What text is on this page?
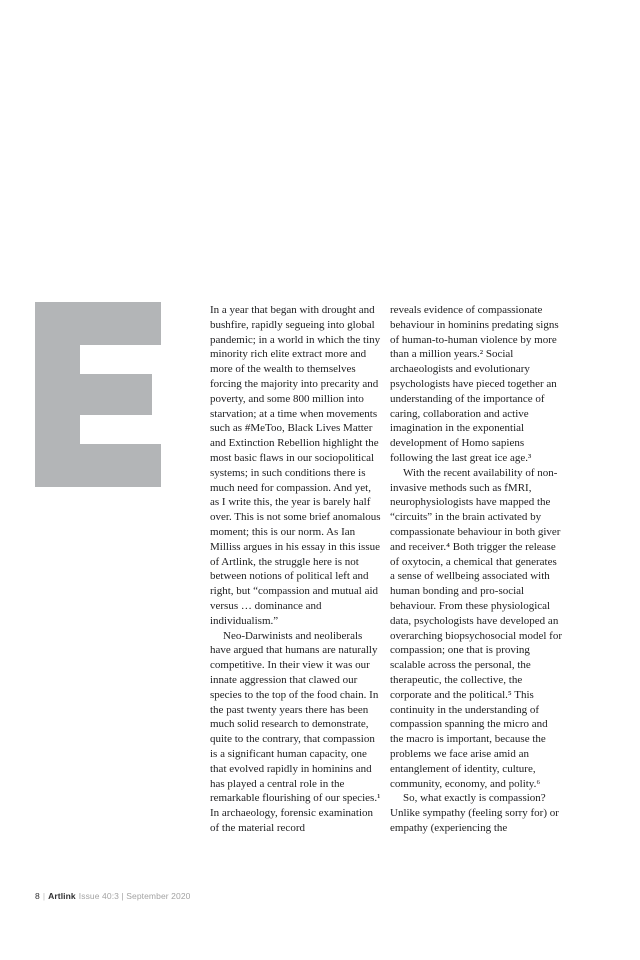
In a year that began with drought and bushfire, rapidly segueing into global pandemic; in a world in which the tiny minority rich elite extract more and more of the wealth to themselves forcing the majority into precarity and poverty, and some 800 million into starvation; at a time when movements such as #MeToo, Black Lives Matter and Extinction Rebellion highlight the most basic flaws in our sociopolitical systems; in such conditions there is much need for compassion. And yet, as I write this, the year is barely half over. This is not some brief anomalous moment; this is our norm. As Ian Milliss argues in his essay in this issue of Artlink, the struggle here is not between notions of political left and right, but “compassion and mutual aid versus … dominance and individualism.”

Neo-Darwinists and neoliberals have argued that humans are naturally competitive. In their view it was our innate aggression that clawed our species to the top of the food chain. In the past twenty years there has been much solid research to demonstrate, quite to the contrary, that compassion is a significant human capacity, one that evolved rapidly in hominins and has played a central role in the remarkable flourishing of our species.¹ In archaeology, forensic examination of the material record

reveals evidence of compassionate behaviour in hominins predating signs of human-to-human violence by more than a million years.² Social archaeologists and evolutionary psychologists have pieced together an understanding of the importance of caring, collaboration and active imagination in the exponential development of Homo sapiens following the last great ice age.³

With the recent availability of non-invasive methods such as fMRI, neurophysiologists have mapped the “circuits” in the brain activated by compassionate behaviour in both giver and receiver.⁴ Both trigger the release of oxytocin, a chemical that generates a sense of wellbeing associated with human bonding and pro-social behaviour. From these physiological data, psychologists have developed an overarching biopsychosocial model for compassion; one that is proving scalable across the personal, the therapeutic, the collective, the corporate and the political.⁵ This continuity in the understanding of compassion spanning the micro and the macro is important, because the problems we face arise amid an entanglement of identity, culture, community, economy, and polity.⁶

So, what exactly is compassion? Unlike sympathy (feeling sorry for) or empathy (experiencing the

8 | Artlink Issue 40:3 | September 2020
